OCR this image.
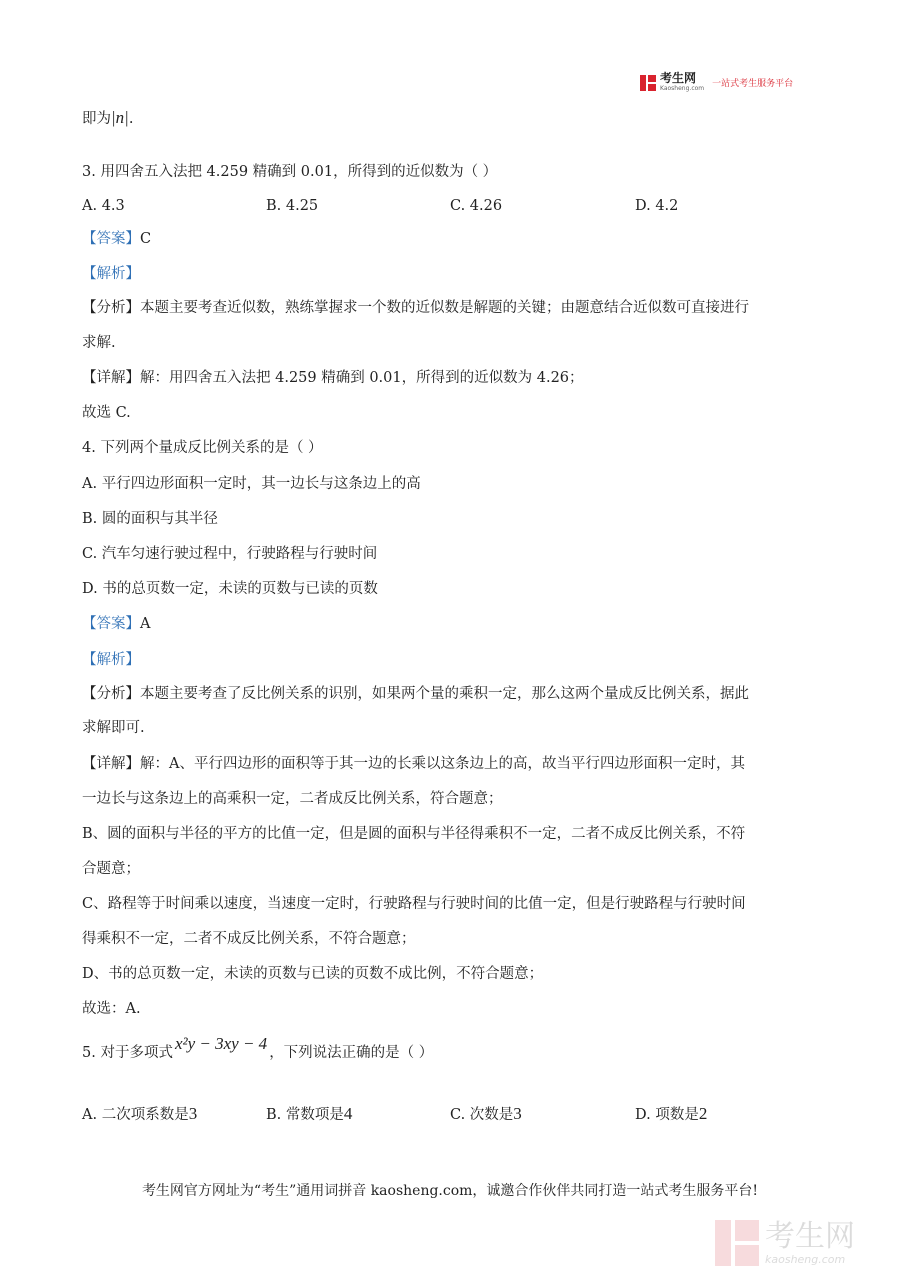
考生网
Kaosheng.com 一站式考生服务平台
即为|n|.
3. 用四舍五入法把 4.259 精确到 0.01，所得到的近似数为（ ）
A. 4.3	B. 4.25	C. 4.26	D. 4.2
【答案】C
【解析】
【分析】本题主要考查近似数，熟练掌握求一个数的近似数是解题的关键；由题意结合近似数可直接进行
求解.
【详解】解：用四舍五入法把 4.259 精确到 0.01，所得到的近似数为 4.26；
故选 C.
4. 下列两个量成反比例关系的是（ ）
A. 平行四边形面积一定时，其一边长与这条边上的高
B. 圆的面积与其半径
C. 汽车匀速行驶过程中，行驶路程与行驶时间
D. 书的总页数一定，未读的页数与已读的页数
【答案】A
【解析】
【分析】本题主要考查了反比例关系的识别，如果两个量的乘积一定，那么这两个量成反比例关系，据此
求解即可.
【详解】解：A、平行四边形的面积等于其一边的长乘以这条边上的高，故当平行四边形面积一定时，其
一边长与这条边上的高乘积一定，二者成反比例关系，符合题意；
B、圆的面积与半径的平方的比值一定，但是圆的面积与半径得乘积不一定，二者不成反比例关系，不符
合题意；
C、路程等于时间乘以速度，当速度一定时，行驶路程与行驶时间的比值一定，但是行驶路程与行驶时间
得乘积不一定，二者不成反比例关系，不符合题意；
D、书的总页数一定，未读的页数与已读的页数不成比例，不符合题意；
故选：A.
5. 对于多项式 x²y − 3xy − 4 ，下列说法正确的是（ ）
A. 二次项系数是3	B. 常数项是4	C. 次数是3	D. 项数是2
考生网官方网址为“考生”通用词拼音 kaosheng.com，诚邀合作伙伴共同打造一站式考生服务平台!
考生网
kaosheng.com
